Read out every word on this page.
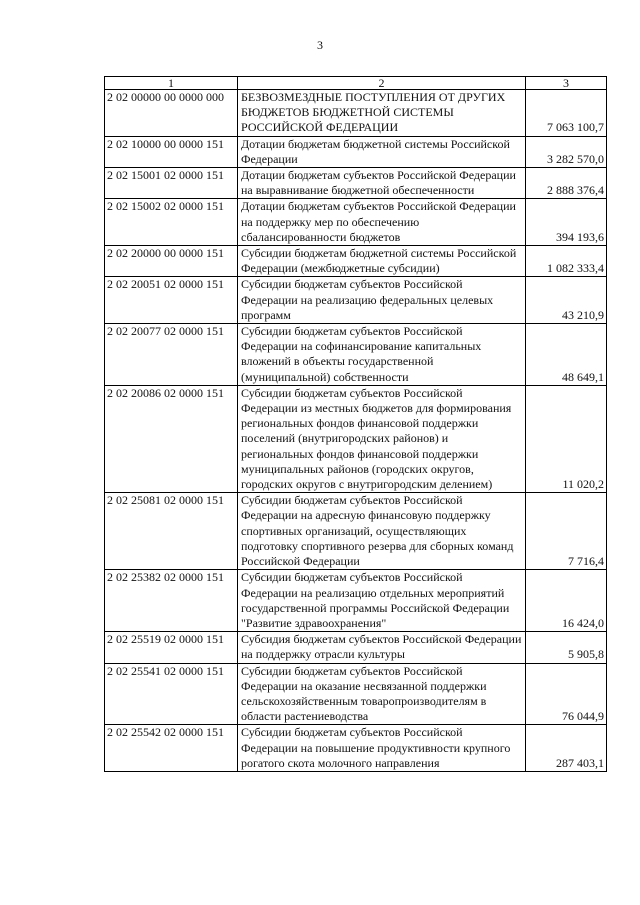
3
1	2	3
2 02 00000 00 0000 000	БЕЗВОЗМЕЗДНЫЕ ПОСТУПЛЕНИЯ ОТ ДРУГИХ БЮДЖЕТОВ БЮДЖЕТНОЙ СИСТЕМЫ РОССИЙСКОЙ ФЕДЕРАЦИИ	7 063 100,7
2 02 10000 00 0000 151	Дотации бюджетам бюджетной системы Российской Федерации	3 282 570,0
2 02 15001 02 0000 151	Дотации бюджетам субъектов Российской Федерации на выравнивание бюджетной обеспеченности	2 888 376,4
2 02 15002 02 0000 151	Дотации бюджетам субъектов Российской Федерации на поддержку мер по обеспечению сбалансированности бюджетов	394 193,6
2 02 20000 00 0000 151	Субсидии бюджетам бюджетной системы Российской Федерации (межбюджетные субсидии)	1 082 333,4
2 02 20051 02 0000 151	Субсидии бюджетам субъектов Российской Федерации на реализацию федеральных целевых программ	43 210,9
2 02 20077 02 0000 151	Субсидии бюджетам субъектов Российской Федерации на софинансирование капитальных вложений в объекты государственной (муниципальной) собственности	48 649,1
2 02 20086 02 0000 151	Субсидии бюджетам субъектов Российской Федерации из местных бюджетов для формирования региональных фондов финансовой поддержки поселений (внутригородских районов) и региональных фондов финансовой поддержки муниципальных районов (городских округов, городских округов с внутригородским делением)	11 020,2
2 02 25081 02 0000 151	Субсидии бюджетам субъектов Российской Федерации на адресную финансовую поддержку спортивных организаций, осуществляющих подготовку спортивного резерва для сборных команд Российской Федерации	7 716,4
2 02 25382 02 0000 151	Субсидии бюджетам субъектов Российской Федерации на реализацию отдельных мероприятий государственной программы Российской Федерации "Развитие здравоохранения"	16 424,0
2 02 25519 02 0000 151	Субсидия бюджетам субъектов Российской Федерации на поддержку отрасли культуры	5 905,8
2 02 25541 02 0000 151	Субсидии бюджетам субъектов Российской Федерации на оказание несвязанной поддержки сельскохозяйственным товаропроизводителям в области растениеводства	76 044,9
2 02 25542 02 0000 151	Субсидии бюджетам субъектов Российской Федерации на повышение продуктивности крупного рогатого скота молочного направления	287 403,1
